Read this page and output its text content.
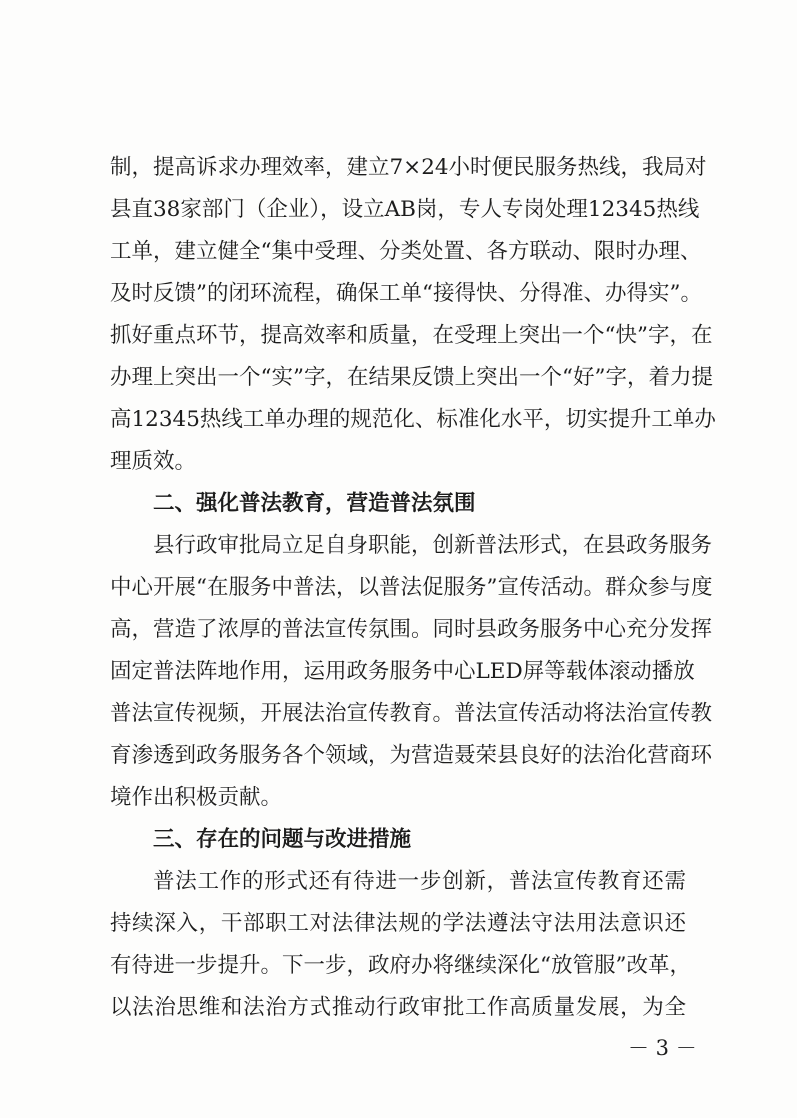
制，提高诉求办理效率，建立7×24小时便民服务热线，我局对
县直38家部门（企业），设立AB岗，专人专岗处理12345热线
工单，建立健全“集中受理、分类处置、各方联动、限时办理、
及时反馈”的闭环流程，确保工单“接得快、分得准、办得实”。
抓好重点环节，提高效率和质量，在受理上突出一个“快”字，在
办理上突出一个“实”字，在结果反馈上突出一个“好”字，着力提
高12345热线工单办理的规范化、标准化水平，切实提升工单办
理质效。
二、强化普法教育，营造普法氛围
县行政审批局立足自身职能，创新普法形式，在县政务服务
中心开展“在服务中普法，以普法促服务”宣传活动。群众参与度
高，营造了浓厚的普法宣传氛围。同时县政务服务中心充分发挥
固定普法阵地作用，运用政务服务中心LED屏等载体滚动播放
普法宣传视频，开展法治宣传教育。普法宣传活动将法治宣传教
育渗透到政务服务各个领域，为营造聂荣县良好的法治化营商环
境作出积极贡献。
三、存在的问题与改进措施
普法工作的形式还有待进一步创新，普法宣传教育还需
持续深入，干部职工对法律法规的学法遵法守法用法意识还
有待进一步提升。下一步，政府办将继续深化“放管服”改革，
以法治思维和法治方式推动行政审批工作高质量发展，为全
－ 3 －
